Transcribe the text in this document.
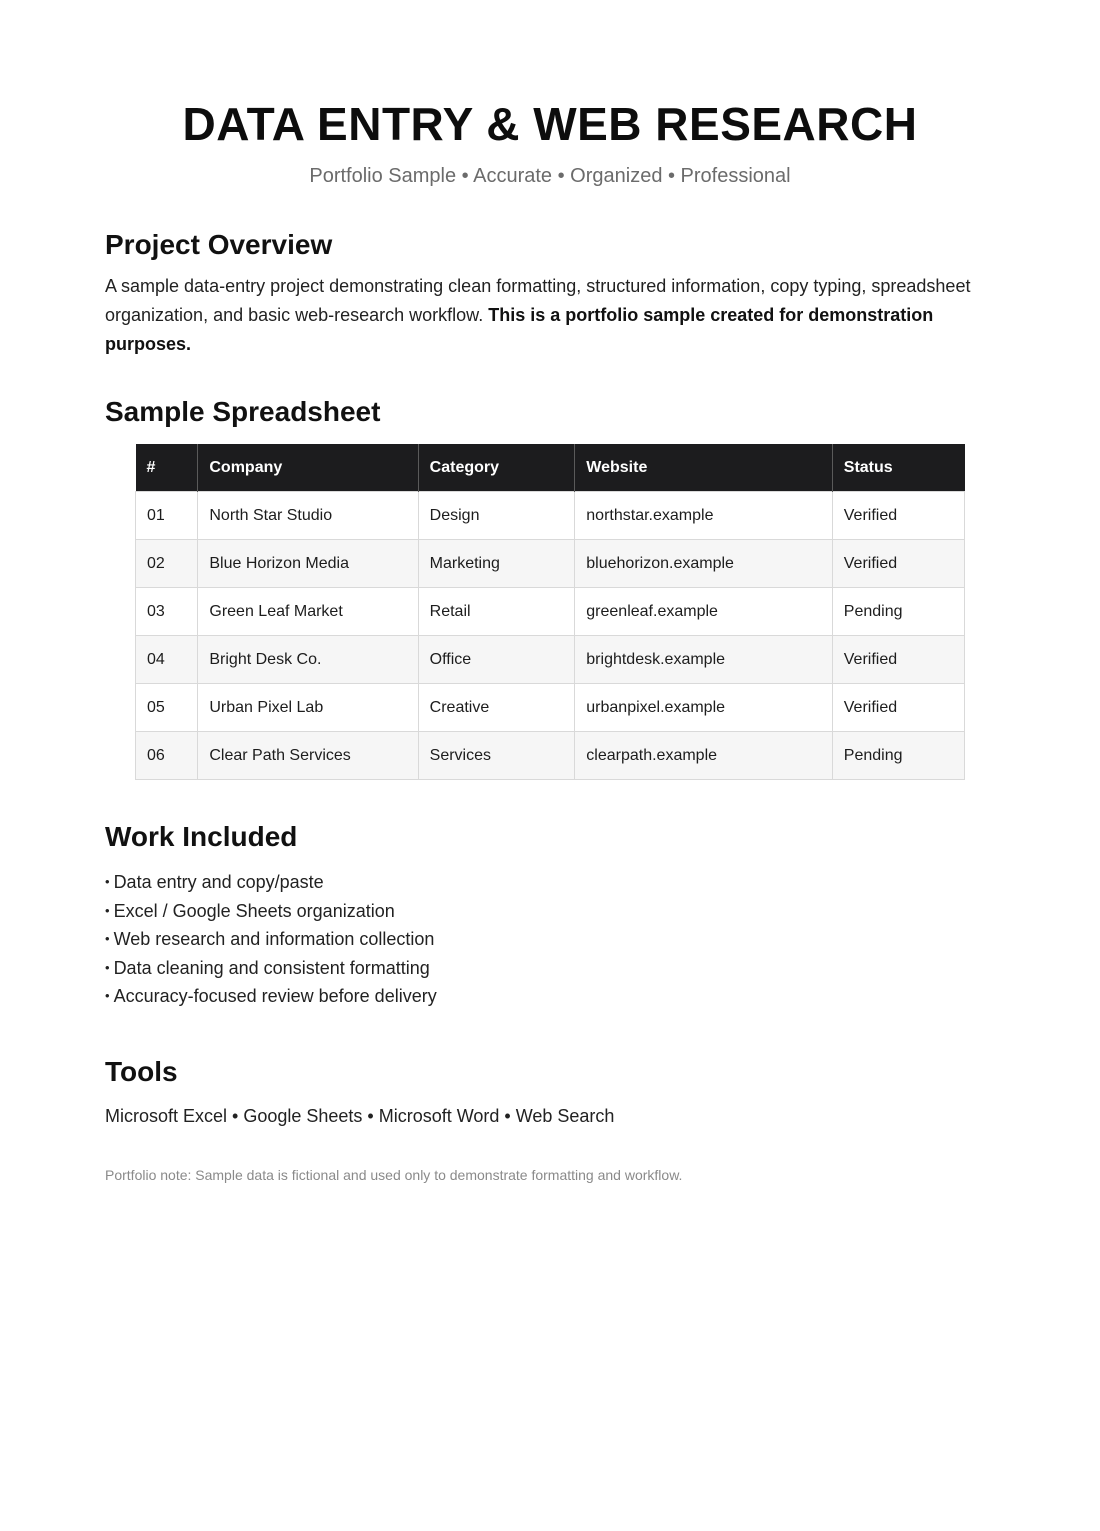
DATA ENTRY & WEB RESEARCH
Portfolio Sample • Accurate • Organized • Professional
Project Overview

A sample data-entry project demonstrating clean formatting, structured information, copy typing, spreadsheet organization, and basic web-research workflow. This is a portfolio sample created for demonstration purposes.

Sample Spreadsheet
#	Company	Category	Website	Status
01	North Star Studio	Design	northstar.example	Verified
02	Blue Horizon Media	Marketing	bluehorizon.example	Verified
03	Green Leaf Market	Retail	greenleaf.example	Pending
04	Bright Desk Co.	Office	brightdesk.example	Verified
05	Urban Pixel Lab	Creative	urbanpixel.example	Verified
06	Clear Path Services	Services	clearpath.example	Pending
Work Included
• Data entry and copy/paste
• Excel / Google Sheets organization
• Web research and information collection
• Data cleaning and consistent formatting
• Accuracy-focused review before delivery
Tools
Microsoft Excel • Google Sheets • Microsoft Word • Web Search
Portfolio note: Sample data is fictional and used only to demonstrate formatting and workflow.
